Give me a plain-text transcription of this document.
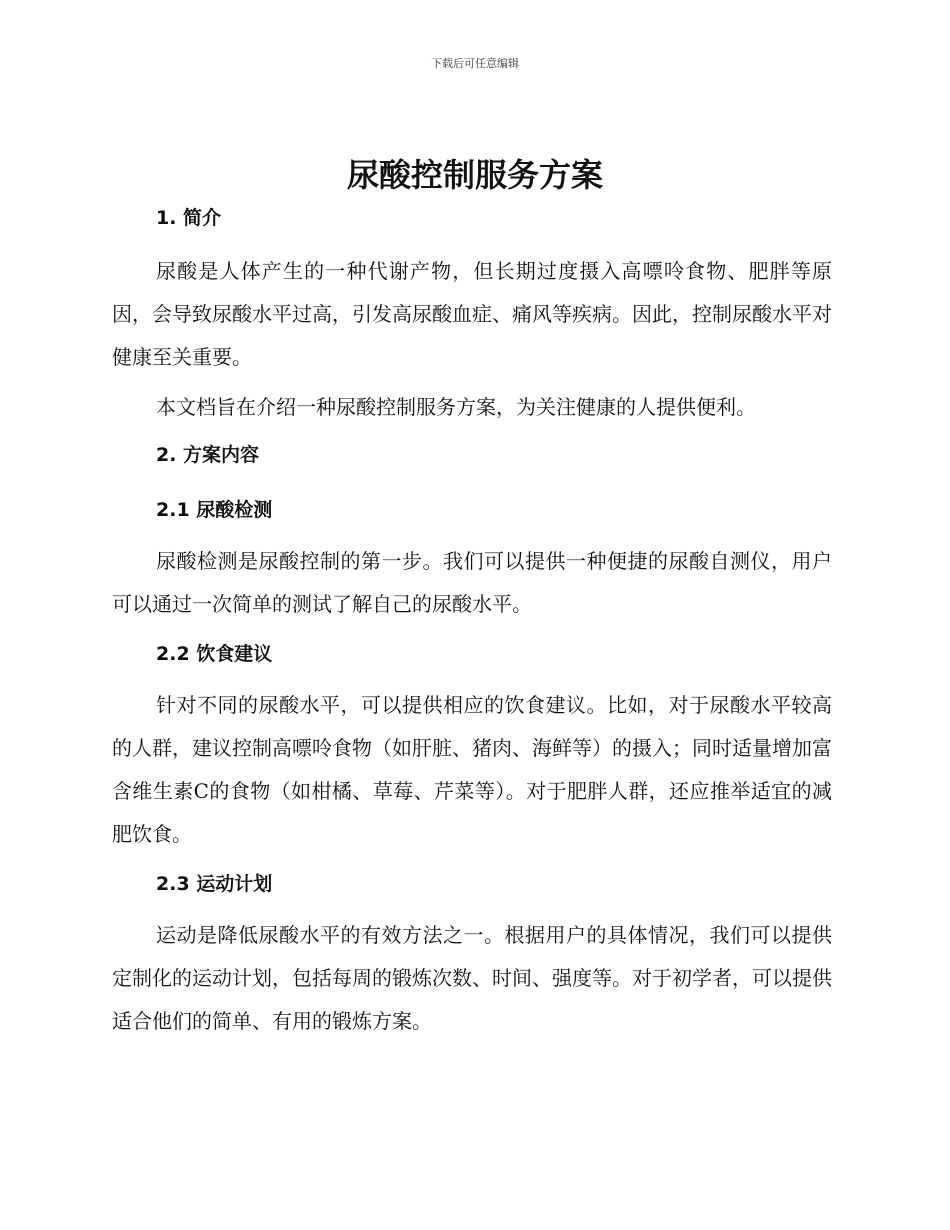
下载后可任意编辑
尿酸控制服务方案
1. 简介

尿酸是人体产生的一种代谢产物，但长期过度摄入高嘌呤食物、肥胖等原因，会导致尿酸水平过高，引发高尿酸血症、痛风等疾病。因此，控制尿酸水平对健康至关重要。

本文档旨在介绍一种尿酸控制服务方案，为关注健康的人提供便利。

2. 方案内容
2.1 尿酸检测

尿酸检测是尿酸控制的第一步。我们可以提供一种便捷的尿酸自测仪，用户可以通过一次简单的测试了解自己的尿酸水平。

2.2 饮食建议

针对不同的尿酸水平，可以提供相应的饮食建议。比如，对于尿酸水平较高的人群，建议控制高嘌呤食物（如肝脏、猪肉、海鲜等）的摄入；同时适量增加富含维生素C的食物（如柑橘、草莓、芹菜等）。对于肥胖人群，还应推举适宜的减肥饮食。

2.3 运动计划

运动是降低尿酸水平的有效方法之一。根据用户的具体情况，我们可以提供定制化的运动计划，包括每周的锻炼次数、时间、强度等。对于初学者，可以提供适合他们的简单、有用的锻炼方案。
